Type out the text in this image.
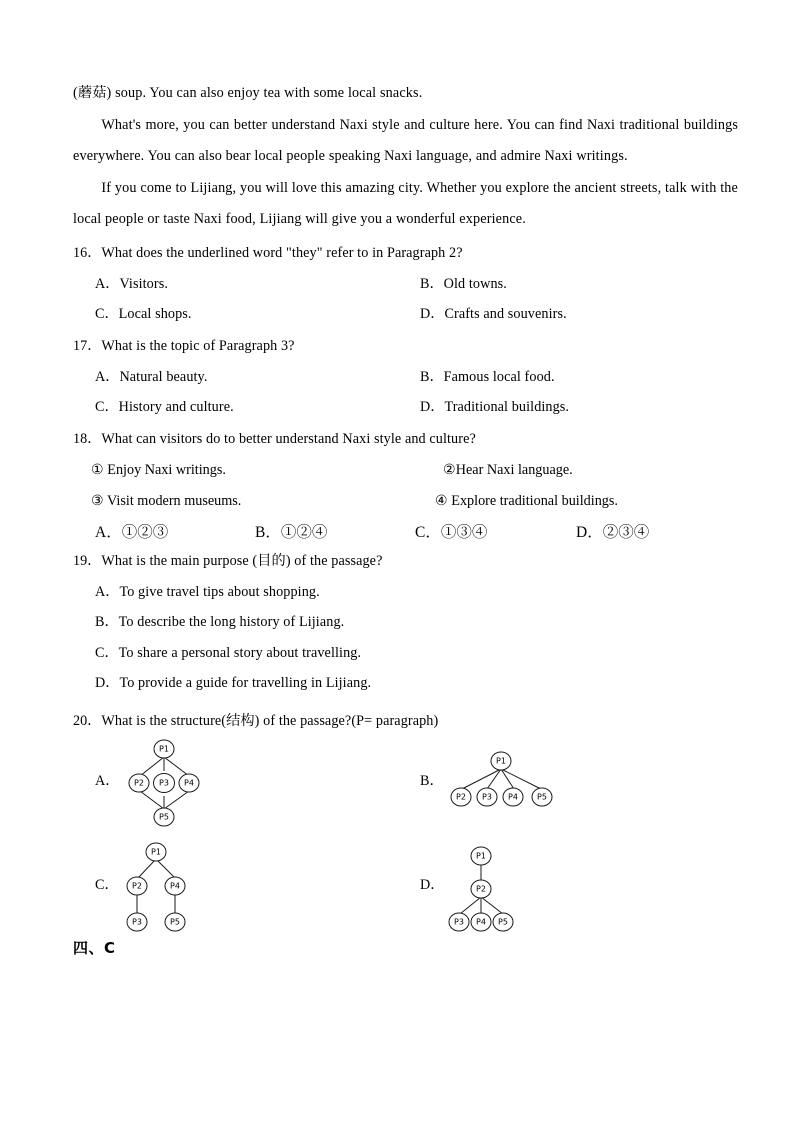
(蘑菇) soup. You can also enjoy tea with some local snacks.

What's more, you can better understand Naxi style and culture here. You can find Naxi traditional buildings everywhere. You can also bear local people speaking Naxi language, and admire Naxi writings.

If you come to Lijiang, you will love this amazing city. Whether you explore the ancient streets, talk with the local people or taste Naxi food, Lijiang will give you a wonderful experience.

16．What does the underlined word "they" refer to in Paragraph 2?
A．Visitors.	B．Old towns.
C．Local shops.	D．Crafts and souvenirs.
17．What is the topic of Paragraph 3?
A．Natural beauty.	B．Famous local food.
C．History and culture.	D．Traditional buildings.
18．What can visitors do to better understand Naxi style and culture?
① Enjoy Naxi writings.	②Hear Naxi language.
③ Visit modern museums.	④ Explore traditional buildings.
A．①②③	B．①②④	C．①③④	D．②③④
19．What is the main purpose (目的) of the passage?
A．To give travel tips about shopping.
B．To describe the long history of Lijiang.
C．To share a personal story about travelling.
D．To provide a guide for travelling in Lijiang.
20．What is the structure(结构) of the passage?(P= paragraph)
A．
P1
P2 P3 P4
P5
B．
P1
P2 P3 P4 P5
C．
P1
P2	P4
P3	P5
D．
P1
P2
P3 P4 P5
四、C
